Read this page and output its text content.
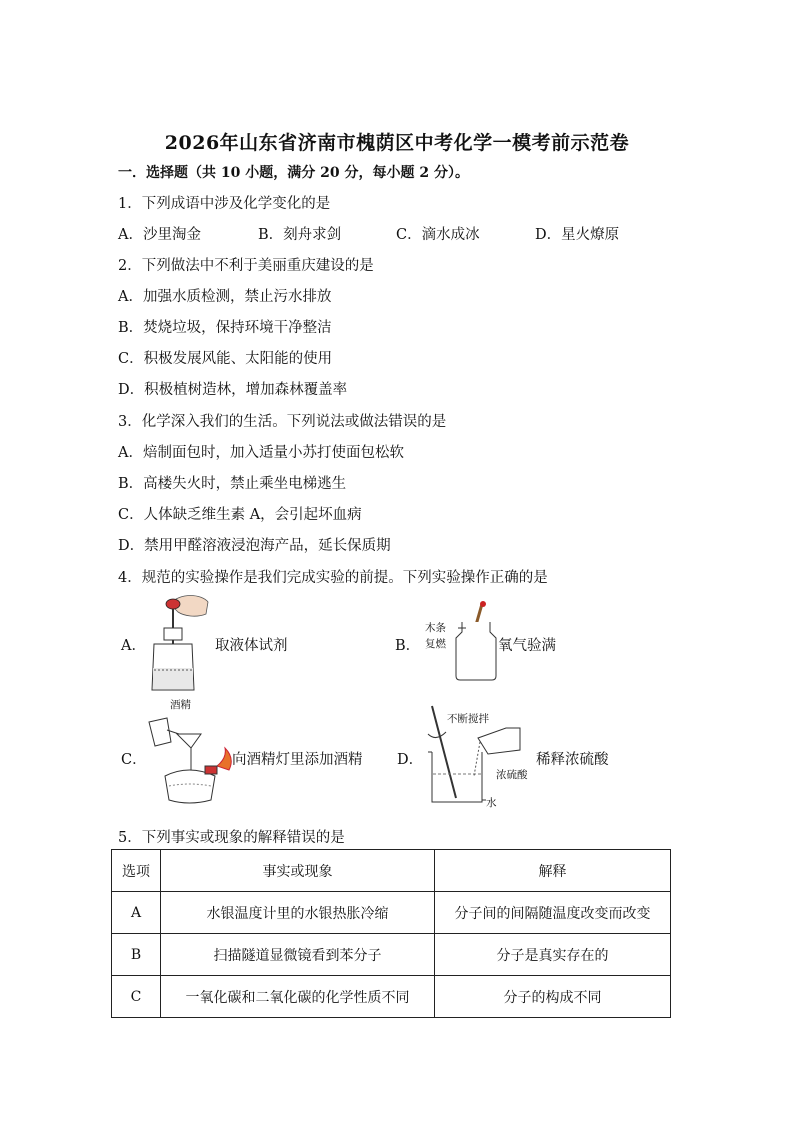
2026年山东省济南市槐荫区中考化学一模考前示范卷
一．选择题（共 10 小题，满分 20 分，每小题 2 分）。
1．下列成语中涉及化学变化的是
A．沙里淘金	B．刻舟求剑	C．滴水成冰	D．星火燎原
2．下列做法中不利于美丽重庆建设的是
A．加强水质检测，禁止污水排放
B．焚烧垃圾，保持环境干净整洁
C．积极发展风能、太阳能的使用
D．积极植树造林，增加森林覆盖率
3．化学深入我们的生活。下列说法或做法错误的是
A．焙制面包时，加入适量小苏打使面包松软
B．高楼失火时，禁止乘坐电梯逃生
C．人体缺乏维生素 A，会引起坏血病
D．禁用甲醛溶液浸泡海产品，延长保质期
4．规范的实验操作是我们完成实验的前提。下列实验操作正确的是
A．	取液体试剂	B．
木条
复燃	氧气验满
C．
酒精
向酒精灯里添加酒精 D．
不断搅拌
浓硫酸
水
稀释浓硫酸
5．下列事实或现象的解释错误的是
选项	事实或现象	解释
A	水银温度计里的水银热胀冷缩	分子间的间隔随温度改变而改变
B	扫描隧道显微镜看到苯分子	分子是真实存在的
C	一氧化碳和二氧化碳的化学性质不同	分子的构成不同
